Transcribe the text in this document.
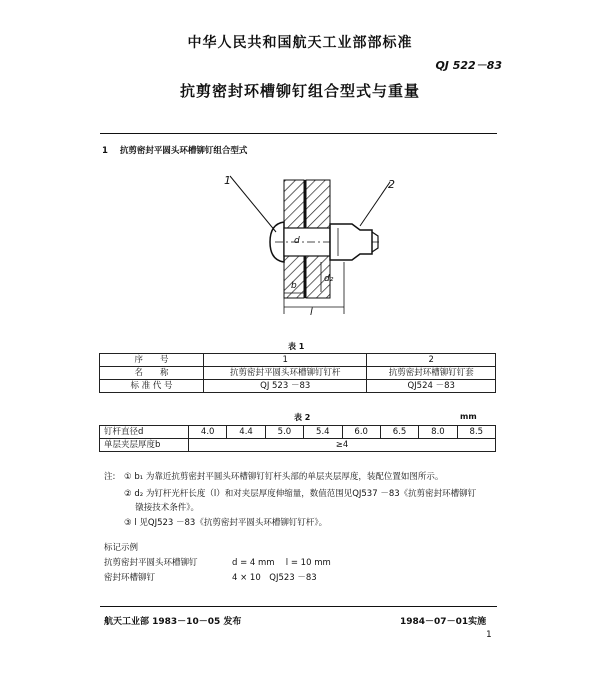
中华人民共和国航天工业部部标准
QJ 522－83
抗剪密封环槽铆钉组合型式与重量
1 抗剪密封平圆头环槽铆钉组合型式
1	2
d
d₂
b
l
表 1
序　　号	1	2
名　　称	抗剪密封平圆头环槽铆钉钉杆	抗剪密封环槽铆钉钉套
标 准 代 号	QJ 523 －83	QJ524 －83
表 2	mm
钉杆直径d	4.0	4.4	5.0	5.4	6.0	6.5	8.0	8.5
单层夹层厚度b	≥4							
注: ① b₁ 为靠近抗剪密封平圆头环槽铆钉钉杆头部的单层夹层厚度，装配位置如图所示。
② d₂ 为钉杆光杆长度（l）和对夹层厚度伸缩量，数值范围见QJ537 －83《抗剪密封环槽铆钉
　 镦接技术条件》。
③ l 见QJ523 －83《抗剪密封平圆头环槽铆钉钉杆》。
标记示例
抗剪密封平圆头环槽铆钉	d = 4 mm　 l = 10 mm
密封环槽铆钉	4 × 10　QJ523 －83
航天工业部 1983－10－05 发布	1984－07－01实施
1
